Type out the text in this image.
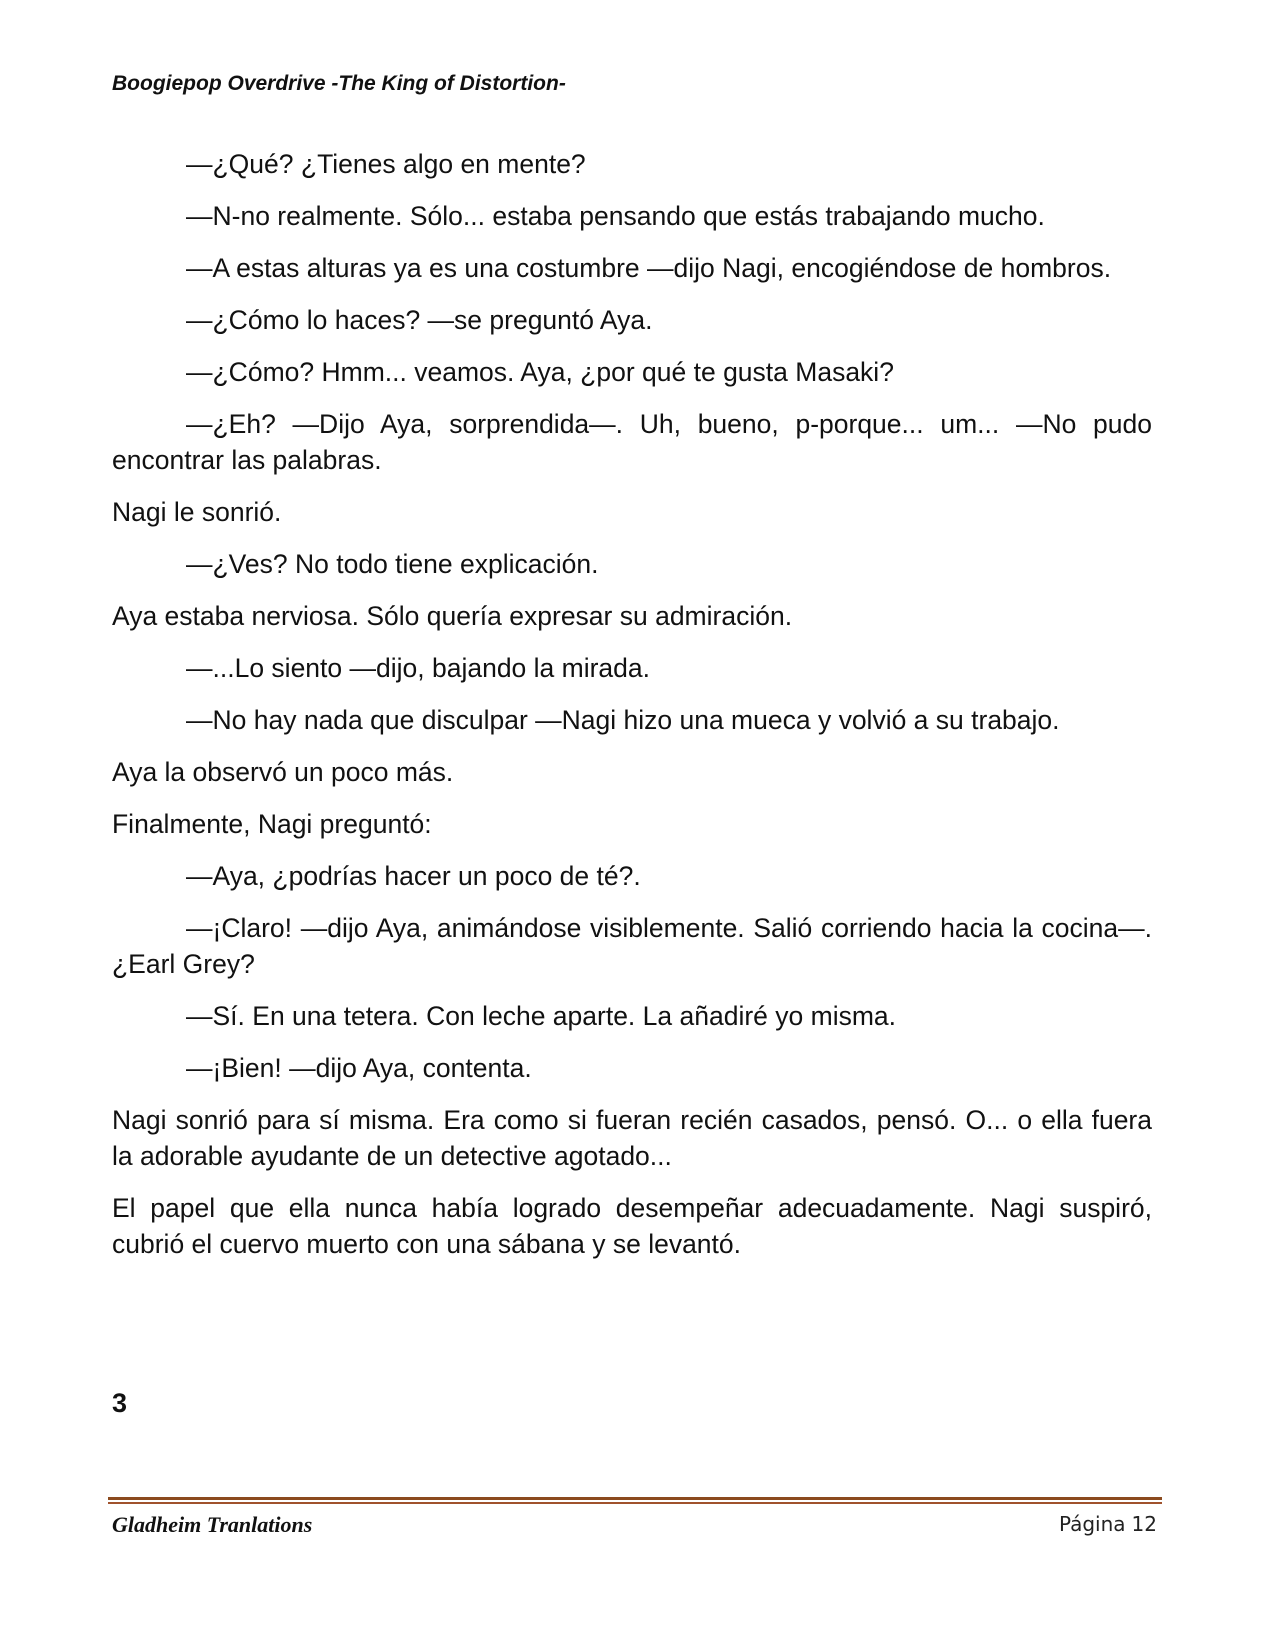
Boogiepop Overdrive -The King of Distortion-

—¿Qué? ¿Tienes algo en mente?

—N-no realmente. Sólo... estaba pensando que estás trabajando mucho.

—A estas alturas ya es una costumbre —dijo Nagi, encogiéndose de hombros.

—¿Cómo lo haces? —se preguntó Aya.

—¿Cómo? Hmm... veamos. Aya, ¿por qué te gusta Masaki?

—¿Eh? —Dijo Aya, sorprendida—. Uh, bueno, p-porque... um... —No pudo encontrar las palabras.

Nagi le sonrió.

—¿Ves? No todo tiene explicación.

Aya estaba nerviosa. Sólo quería expresar su admiración.

—...Lo siento —dijo, bajando la mirada.

—No hay nada que disculpar —Nagi hizo una mueca y volvió a su trabajo.

Aya la observó un poco más.

Finalmente, Nagi preguntó:

—Aya, ¿podrías hacer un poco de té?.

—¡Claro! —dijo Aya, animándose visiblemente. Salió corriendo hacia la cocina—. ¿Earl Grey?

—Sí. En una tetera. Con leche aparte. La añadiré yo misma.

—¡Bien! —dijo Aya, contenta.

Nagi sonrió para sí misma. Era como si fueran recién casados, pensó. O... o ella fuera la adorable ayudante de un detective agotado...

El papel que ella nunca había logrado desempeñar adecuadamente. Nagi suspiró, cubrió el cuervo muerto con una sábana y se levantó.

3
Gladheim Tranlations	Página 12
